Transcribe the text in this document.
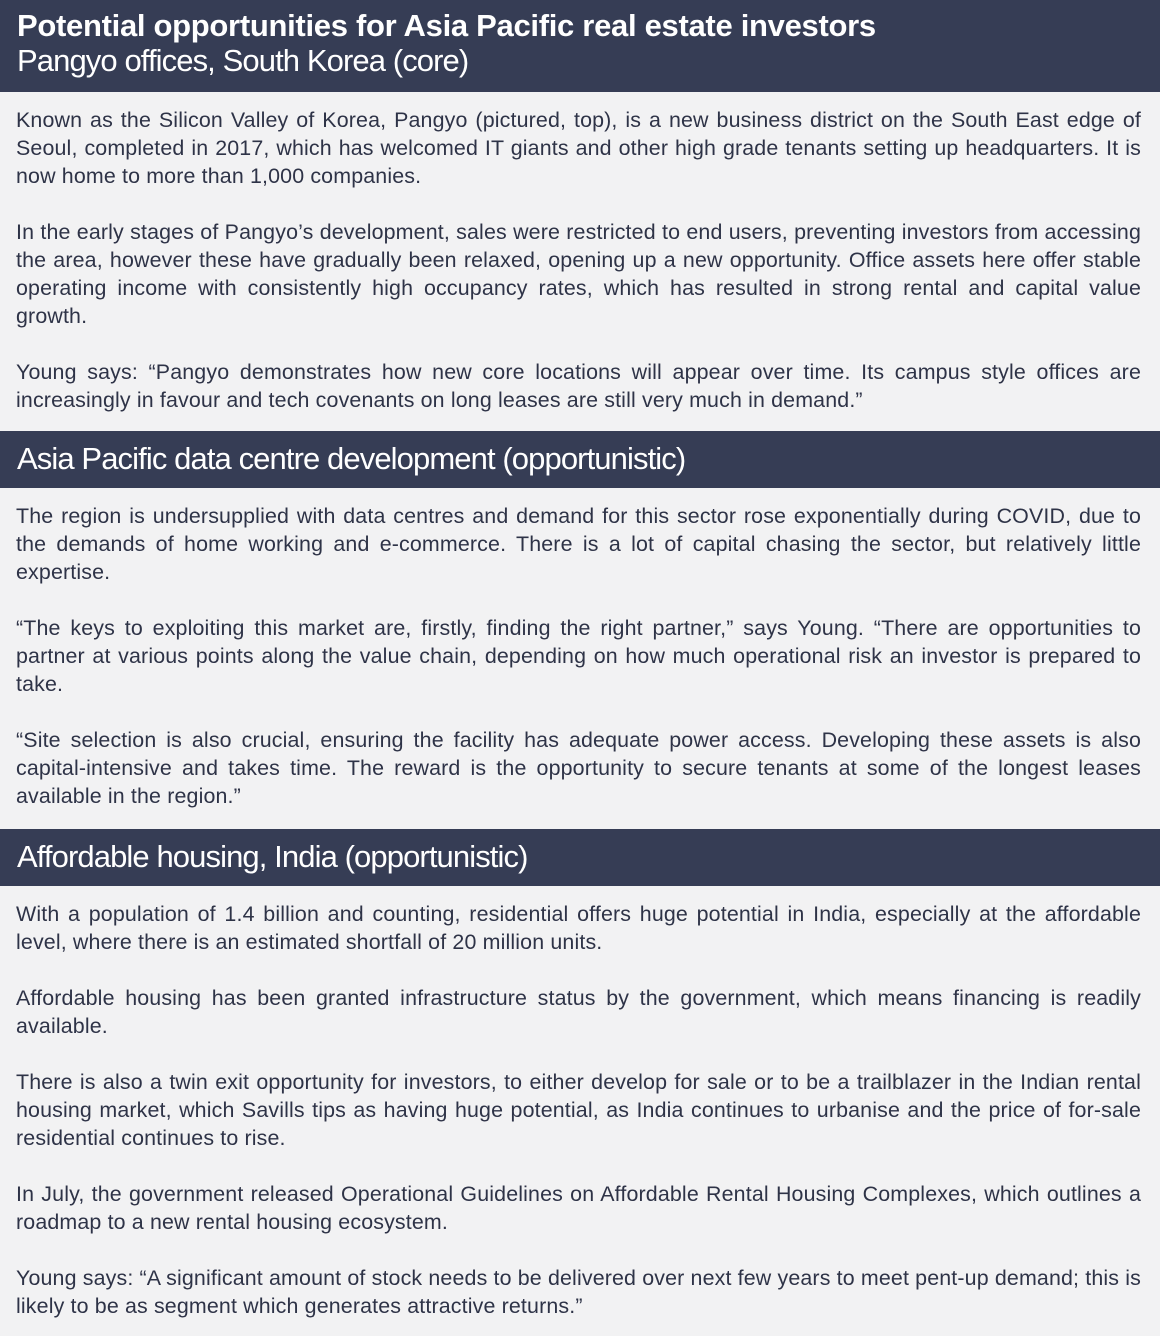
Potential opportunities for Asia Pacific real estate investors
Pangyo offices, South Korea (core)

Known as the Silicon Valley of Korea, Pangyo (pictured, top), is a new business district on the South East edge of Seoul, completed in 2017, which has welcomed IT giants and other high grade tenants setting up headquarters. It is now home to more than 1,000 companies.

In the early stages of Pangyo’s development, sales were restricted to end users, preventing investors from accessing the area, however these have gradually been relaxed, opening up a new opportunity. Office assets here offer stable operating income with consistently high occupancy rates, which has resulted in strong rental and capital value growth.

Young says: “Pangyo demonstrates how new core locations will appear over time. Its campus style offices are increasingly in favour and tech covenants on long leases are still very much in demand.”

Asia Pacific data centre development (opportunistic)

The region is undersupplied with data centres and demand for this sector rose exponentially during COVID, due to the demands of home working and e-commerce. There is a lot of capital chasing the sector, but relatively little expertise.

“The keys to exploiting this market are, firstly, finding the right partner,” says Young. “There are opportunities to partner at various points along the value chain, depending on how much operational risk an investor is prepared to take.

“Site selection is also crucial, ensuring the facility has adequate power access. Developing these assets is also capital-intensive and takes time. The reward is the opportunity to secure tenants at some of the longest leases available in the region.”

Affordable housing, India (opportunistic)

With a population of 1.4 billion and counting, residential offers huge potential in India, especially at the affordable level, where there is an estimated shortfall of 20 million units.

Affordable housing has been granted infrastructure status by the government, which means financing is readily available.

There is also a twin exit opportunity for investors, to either develop for sale or to be a trailblazer in the Indian rental housing market, which Savills tips as having huge potential, as India continues to urbanise and the price of for-sale residential continues to rise.

In July, the government released Operational Guidelines on Affordable Rental Housing Complexes, which outlines a roadmap to a new rental housing ecosystem.

Young says: “A significant amount of stock needs to be delivered over next few years to meet pent-up demand; this is likely to be as segment which generates attractive returns.”
